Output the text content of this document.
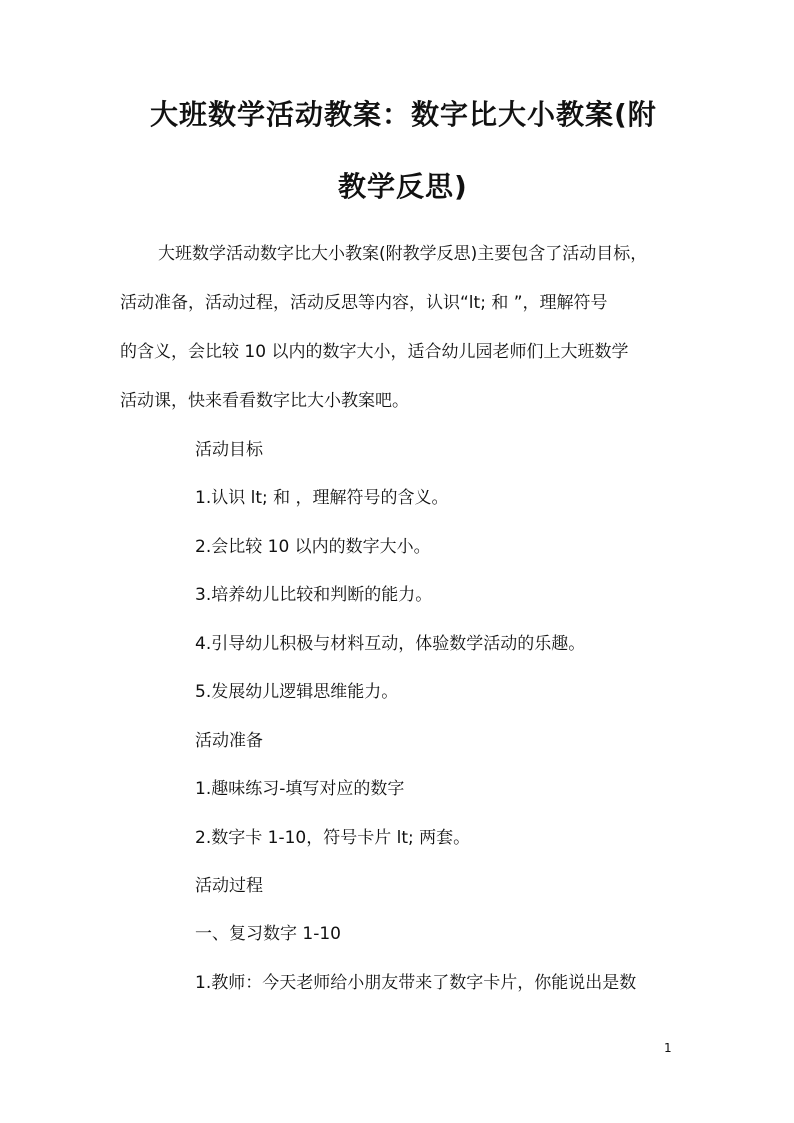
大班数学活动教案：数字比大小教案(附
教学反思)
大班数学活动数字比大小教案(附教学反思)主要包含了活动目标，
活动准备，活动过程，活动反思等内容，认识“lt; 和 ”，理解符号
的含义，会比较 10 以内的数字大小，适合幼儿园老师们上大班数学
活动课，快来看看数字比大小教案吧。
活动目标
1.认识 lt; 和 ，理解符号的含义。
2.会比较 10 以内的数字大小。
3.培养幼儿比较和判断的能力。
4.引导幼儿积极与材料互动，体验数学活动的乐趣。
5.发展幼儿逻辑思维能力。
活动准备
1.趣味练习-填写对应的数字
2.数字卡 1-10，符号卡片 lt; 两套。
活动过程
一、复习数字 1-10
1.教师：今天老师给小朋友带来了数字卡片，你能说出是数
1
